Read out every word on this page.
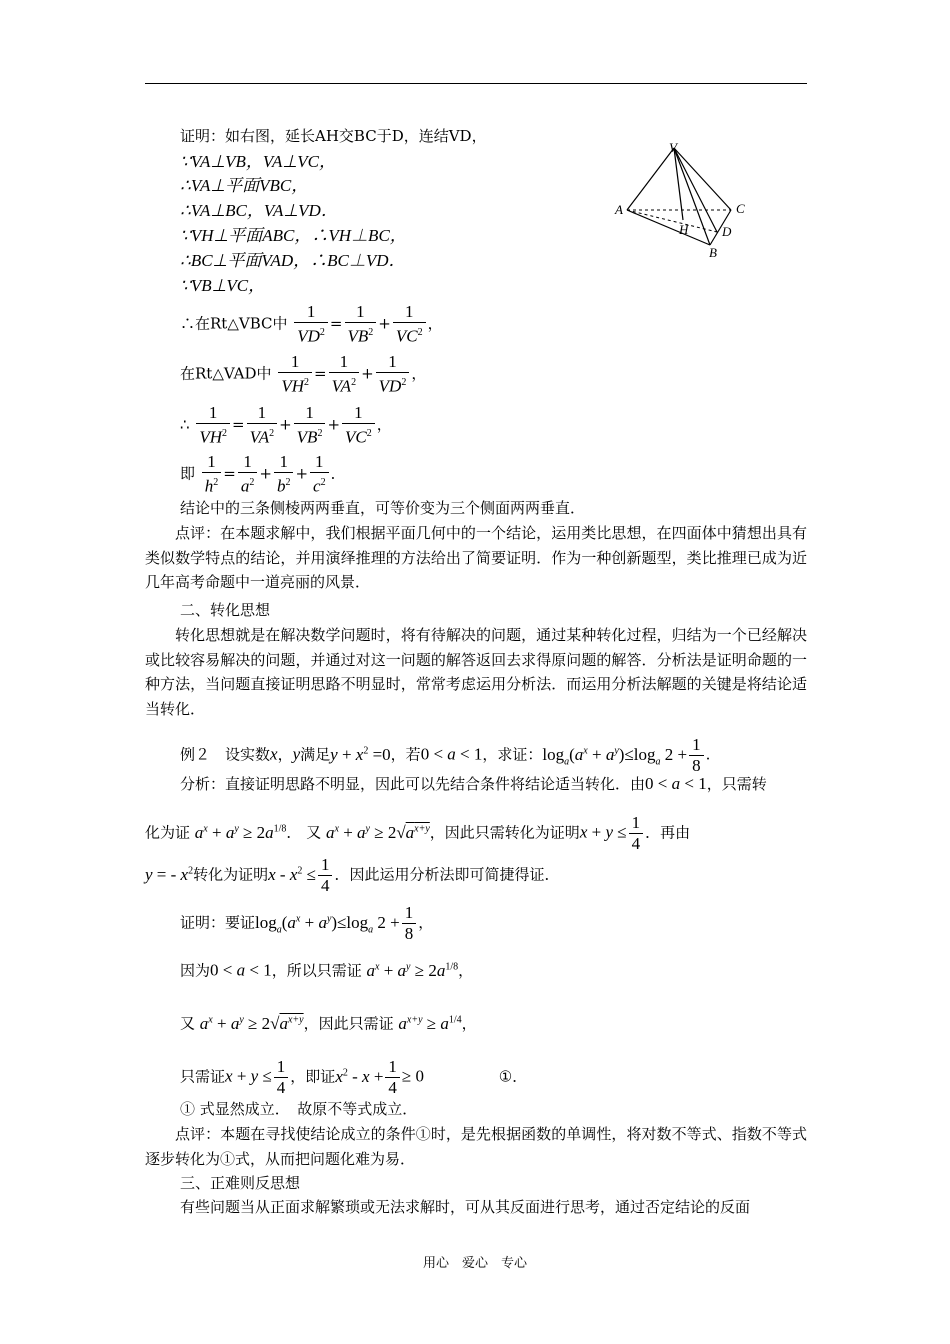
证明：如右图，延长AH交BC于D，连结VD，
∵VA⊥VB，VA⊥VC，
∴VA⊥平面VBC，
∴VA⊥BC，VA⊥VD．
∵VH⊥平面ABC，∴VH⊥BC，
∴BC⊥平面VAD，∴BC⊥VD．
∵VB⊥VC，
∴在Rt△VBC中 $\frac{1}{VD^2} = \frac{1}{VB^2} + \frac{1}{VC^2}$ ，
在Rt△VAD中 $\frac{1}{VH^2} = \frac{1}{VA^2} + \frac{1}{VD^2}$ ，
∴ $\frac{1}{VH^2} = \frac{1}{VA^2} + \frac{1}{VB^2} + \frac{1}{VC^2}$ ，
即 $\frac{1}{h^2} = \frac{1}{a^2} + \frac{1}{b^2} + \frac{1}{c^2}$ ．
结论中的三条侧棱两两垂直，可等价变为三个侧面两两垂直．
V
A	C
H	D
B
点评：在本题求解中，我们根据平面几何中的一个结论，运用类比思想，在四面体中猜想出具有类似数学特点的结论，并用演绎推理的方法给出了简要证明．作为一种创新题型，类比推理已成为近几年高考命题中一道亮丽的风景．
二、转化思想
转化思想就是在解决数学问题时，将有待解决的问题，通过某种转化过程，归结为一个已经解决或比较容易解决的问题，并通过对这一问题的解答返回去求得原问题的解答．分析法是证明命题的一种方法，当问题直接证明思路不明显时，常常考虑运用分析法．而运用分析法解题的关键是将结论适当转化．
例２　设实数x，y满足$y + x^2 =0$，若0 < a < 1，求证：$\log_a(a^x + a^y)\le\log_a$ $2 + \frac{1}{8}$ .
分析：直接证明思路不明显，因此可以先结合条件将结论适当转化．由0 < a < 1，只需转
化为证 $a^x + a^y \ge 2a^{1/8}$． 又 $a^x + a^y \ge 2√a^{x+y}$，因此只需转化为证明$x + y \le \frac{1}{4}$ ．再由
y = - $x^2$转化为证明$x - x^2 \le \frac{1}{4}$ ．因此运用分析法即可简捷得证．
证明：要证$\log_a(a^x + a^y)\le\log_a$ $2 + \frac{1}{8}$ ，
因为0 < a < 1，所以只需证 $a^x + a^y \ge 2a^{1/8}$，
又 $a^x + a^y \ge 2√a^{x+y}$，因此只需证 $a^{x+y} \ge a^{1/4}$，
只需证$x + y \le \frac{1}{4}$ ，即证$x^2 - x + \frac{1}{4} \ge 0$	①．
① 式显然成立．　故原不等式成立．
点评：本题在寻找使结论成立的条件①时，是先根据函数的单调性，将对数不等式、指数不等式逐步转化为①式，从而把问题化难为易．
三、正难则反思想
有些问题当从正面求解繁琐或无法求解时，可从其反面进行思考，通过否定结论的反面
用心　爱心　专心
